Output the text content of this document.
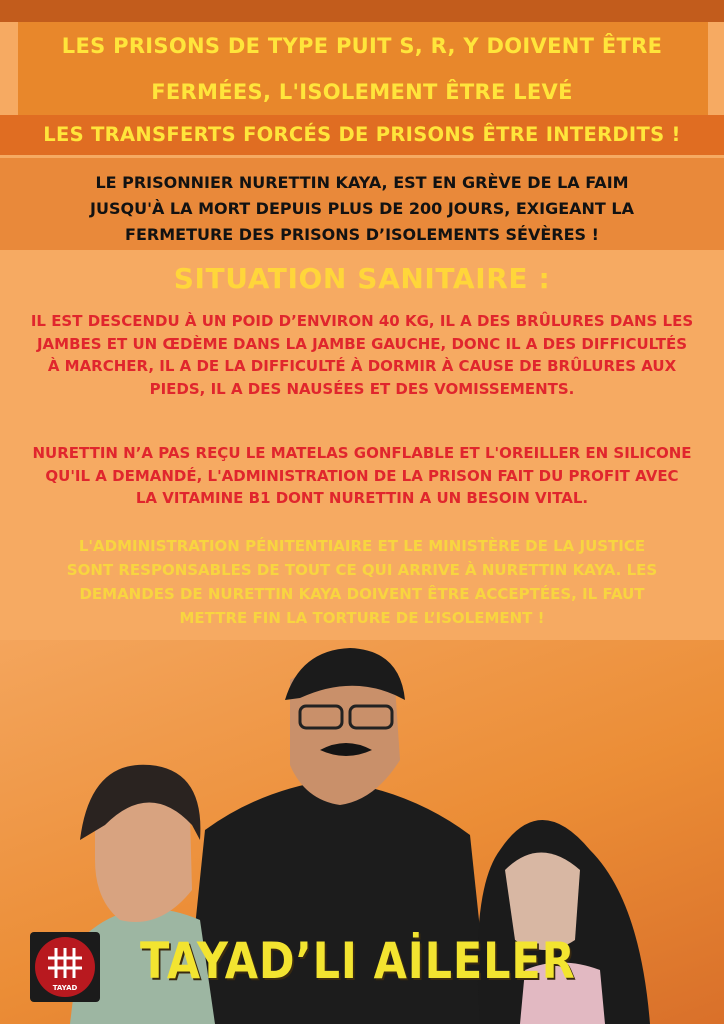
LES PRISONS DE TYPE PUIT S, R, Y DOIVENT ÊTRE
FERMÉES, L'ISOLEMENT ÊTRE LEVÉ
LES TRANSFERTS FORCÉS DE PRISONS ÊTRE INTERDITS !
LE PRISONNIER NURETTIN KAYA, EST EN GRÈVE DE LA FAIM
JUSQU'À LA MORT DEPUIS PLUS DE 200 JOURS, EXIGEANT LA
FERMETURE DES PRISONS D’ISOLEMENTS SÉVÈRES !
SITUATION SANITAIRE :
IL EST DESCENDU À UN POID D’ENVIRON 40 KG, IL A DES BRÛLURES DANS LES
JAMBES ET UN ŒDÈME DANS LA JAMBE GAUCHE, DONC IL A DES DIFFICULTÉS
À MARCHER, IL A DE LA DIFFICULTÉ À DORMIR À CAUSE DE BRÛLURES AUX
PIEDS, IL A DES NAUSÉES ET DES VOMISSEMENTS.
NURETTIN N’A PAS REÇU LE MATELAS GONFLABLE ET L'OREILLER EN SILICONE
QU'IL A DEMANDÉ, L'ADMINISTRATION DE LA PRISON FAIT DU PROFIT AVEC
LA VITAMINE B1 DONT NURETTIN A UN BESOIN VITAL.
L'ADMINISTRATION PÉNITENTIAIRE ET LE MINISTÈRE DE LA JUSTICE
SONT RESPONSABLES DE TOUT CE QUI ARRIVE À NURETTIN KAYA. LES
DEMANDES DE NURETTIN KAYA DOIVENT ÊTRE ACCEPTÉES, IL FAUT
METTRE FIN LA TORTURE DE L’ISOLEMENT !
TAYAD	TAYAD’LI AİLELER
